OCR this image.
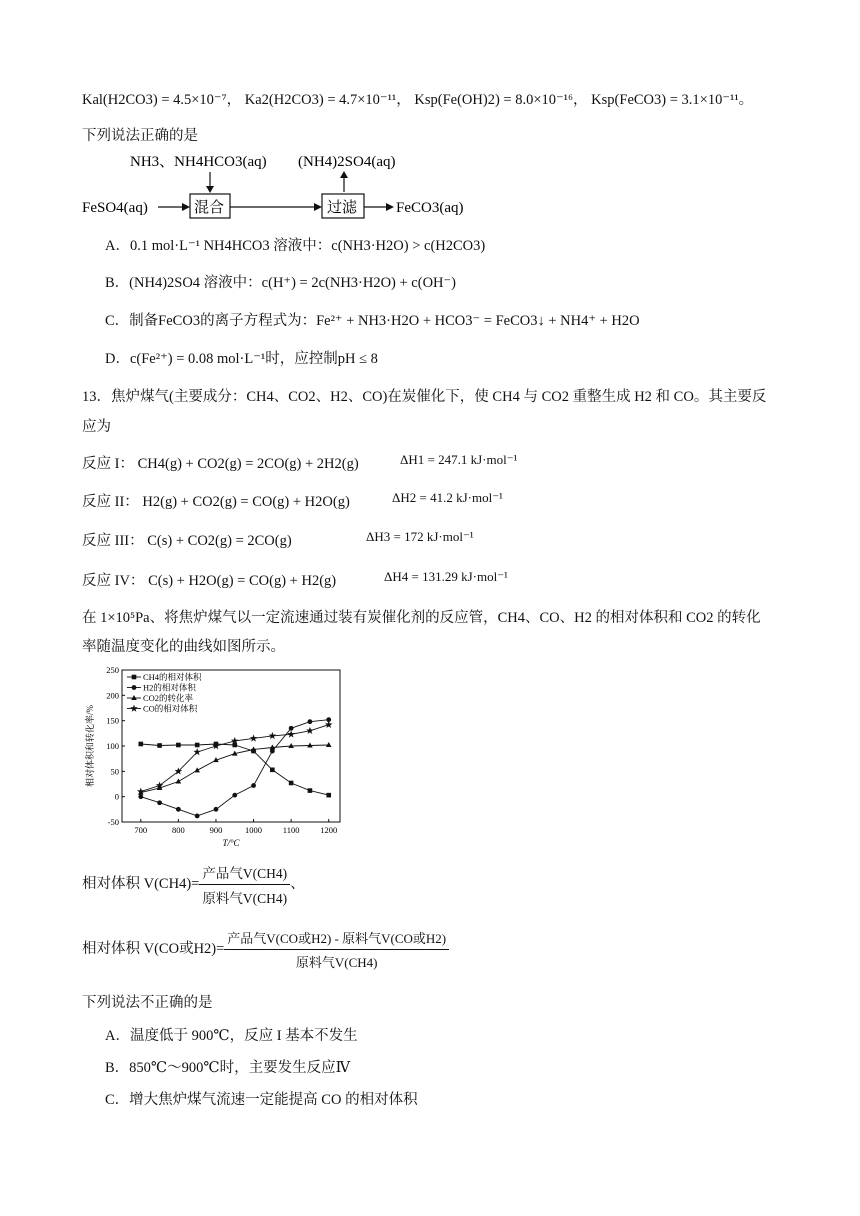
Kal(H2CO3) = 4.5×10⁻⁷， Ka2(H2CO3) = 4.7×10⁻¹¹， Ksp(Fe(OH)2) = 8.0×10⁻¹⁶， Ksp(FeCO3) = 3.1×10⁻¹¹。
下列说法正确的是
NH3、NH4HCO3(aq) (NH4)2SO4(aq)
FeSO4(aq)	混合	过滤	FeCO3(aq)
A．0.1 mol·L⁻¹ NH4HCO3 溶液中：c(NH3·H2O) > c(H2CO3)
B．(NH4)2SO4 溶液中：c(H⁺) = 2c(NH3·H2O) + c(OH⁻)
C．制备FeCO3的离子方程式为：Fe²⁺ + NH3·H2O + HCO3⁻ = FeCO3↓ + NH4⁺ + H2O
D．c(Fe²⁺) = 0.08 mol·L⁻¹时，应控制pH ≤ 8
13．焦炉煤气(主要成分：CH4、CO2、H2、CO)在炭催化下，使 CH4 与 CO2 重整生成 H2 和 CO。其主要反
应为
反应 I： CH4(g) + CO2(g) = 2CO(g) + 2H2(g)	ΔH1 = 247.1 kJ·mol⁻¹
反应 II： H2(g) + CO2(g) = CO(g) + H2O(g)	ΔH2 = 41.2 kJ·mol⁻¹
反应 III： C(s) + CO2(g) = 2CO(g)	ΔH3 = 172 kJ·mol⁻¹
反应 IV： C(s) + H2O(g) = CO(g) + H2(g)	ΔH4 = 131.29 kJ·mol⁻¹
在 1×10⁵Pa、将焦炉煤气以一定流速通过装有炭催化剂的反应管，CH4、CO、H2 的相对体积和 CO2 的转化
率随温度变化的曲线如图所示。
700	800	900	1000 1100 1200
-50
0
50
100
150
200
250
T/°C
相对体积和转化率/%
CH4的相对体积
H2的相对体积
CO2的转化率
CO的相对体积
相对体积 $V(CH4)= \frac{\text{产品气V(CH4)}}{\text{原料气V(CH4)}}$ 、
相对体积 V(CO或$H2)= \frac{\text{产品气V(CO或H2) - 原料气V(CO或H2)}}{\text{原料气V(CH4)}}$
下列说法不正确的是
A．温度低于 900℃，反应 I 基本不发生
B．850℃～900℃时，主要发生反应Ⅳ
C．增大焦炉煤气流速一定能提高 CO 的相对体积
